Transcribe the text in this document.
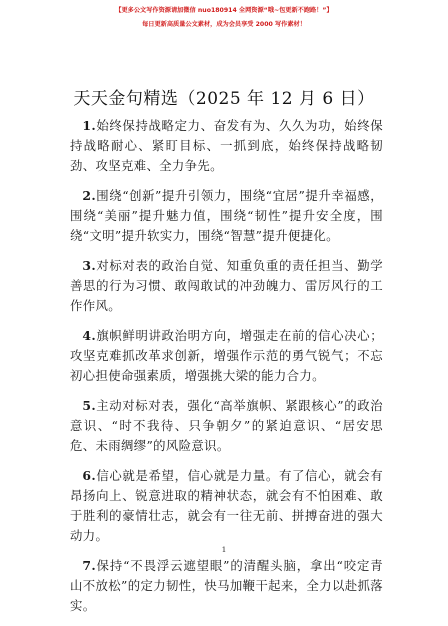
【更多公文写作资源请加微信 nuo180914 全网资源“哦~包更新不跑路！”】
每日更新高质量公文素材，成为会员享受 2000 写作素材！
天天金句精选（2025 年 12 月 6 日）

1.始终保持战略定力、奋发有为、久久为功，始终保持战略耐心、紧盯目标、一抓到底，始终保持战略韧劲、攻坚克难、全力争先。

2.围绕“创新”提升引领力，围绕“宜居”提升幸福感，围绕“美丽”提升魅力值，围绕“韧性”提升安全度，围绕“文明”提升软实力，围绕“智慧”提升便捷化。

3.对标对表的政治自觉、知重负重的责任担当、勤学善思的行为习惯、敢闯敢试的冲劲魄力、雷厉风行的工作作风。

4.旗帜鲜明讲政治明方向，增强走在前的信心决心；攻坚克难抓改革求创新，增强作示范的勇气锐气；不忘初心担使命强素质，增强挑大梁的能力合力。

5.主动对标对表，强化“高举旗帜、紧跟核心”的政治意识、“时不我待、只争朝夕”的紧迫意识、“居安思危、未雨绸缪”的风险意识。

6.信心就是希望，信心就是力量。有了信心，就会有昂扬向上、锐意进取的精神状态，就会有不怕困难、敢于胜利的豪情壮志，就会有一往无前、拼搏奋进的强大动力。

7.保持“不畏浮云遮望眼”的清醒头脑，拿出“咬定青山不放松”的定力韧性，快马加鞭干起来，全力以赴抓落实。

1
